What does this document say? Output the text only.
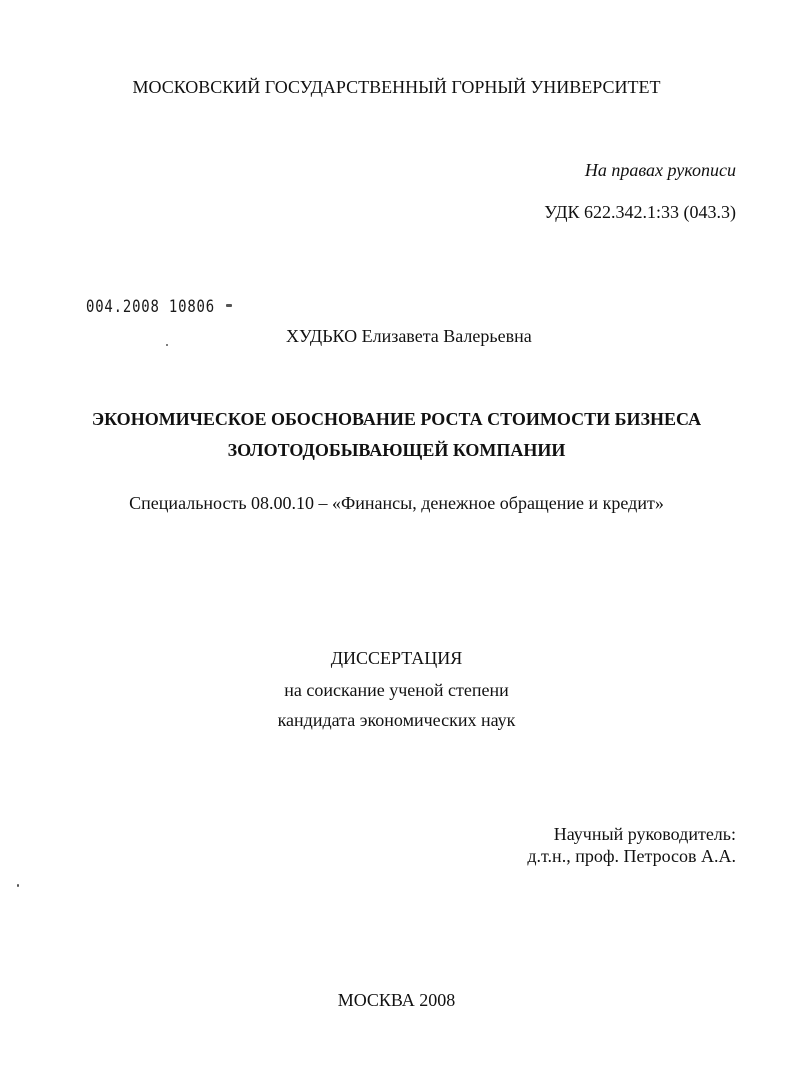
МОСКОВСКИЙ ГОСУДАРСТВЕННЫЙ ГОРНЫЙ УНИВЕРСИТЕТ
На правах рукописи
УДК 622.342.1:33 (043.3)
004.2008 10806
ХУДЬКО Елизавета Валерьевна
ЭКОНОМИЧЕСКОЕ ОБОСНОВАНИЕ РОСТА СТОИМОСТИ БИЗНЕСА
ЗОЛОТОДОБЫВАЮЩЕЙ КОМПАНИИ
Специальность 08.00.10 – «Финансы, денежное обращение и кредит»
ДИССЕРТАЦИЯ
на соискание ученой степени
кандидата экономических наук
Научный руководитель:
д.т.н., проф. Петросов А.А.
МОСКВА 2008
